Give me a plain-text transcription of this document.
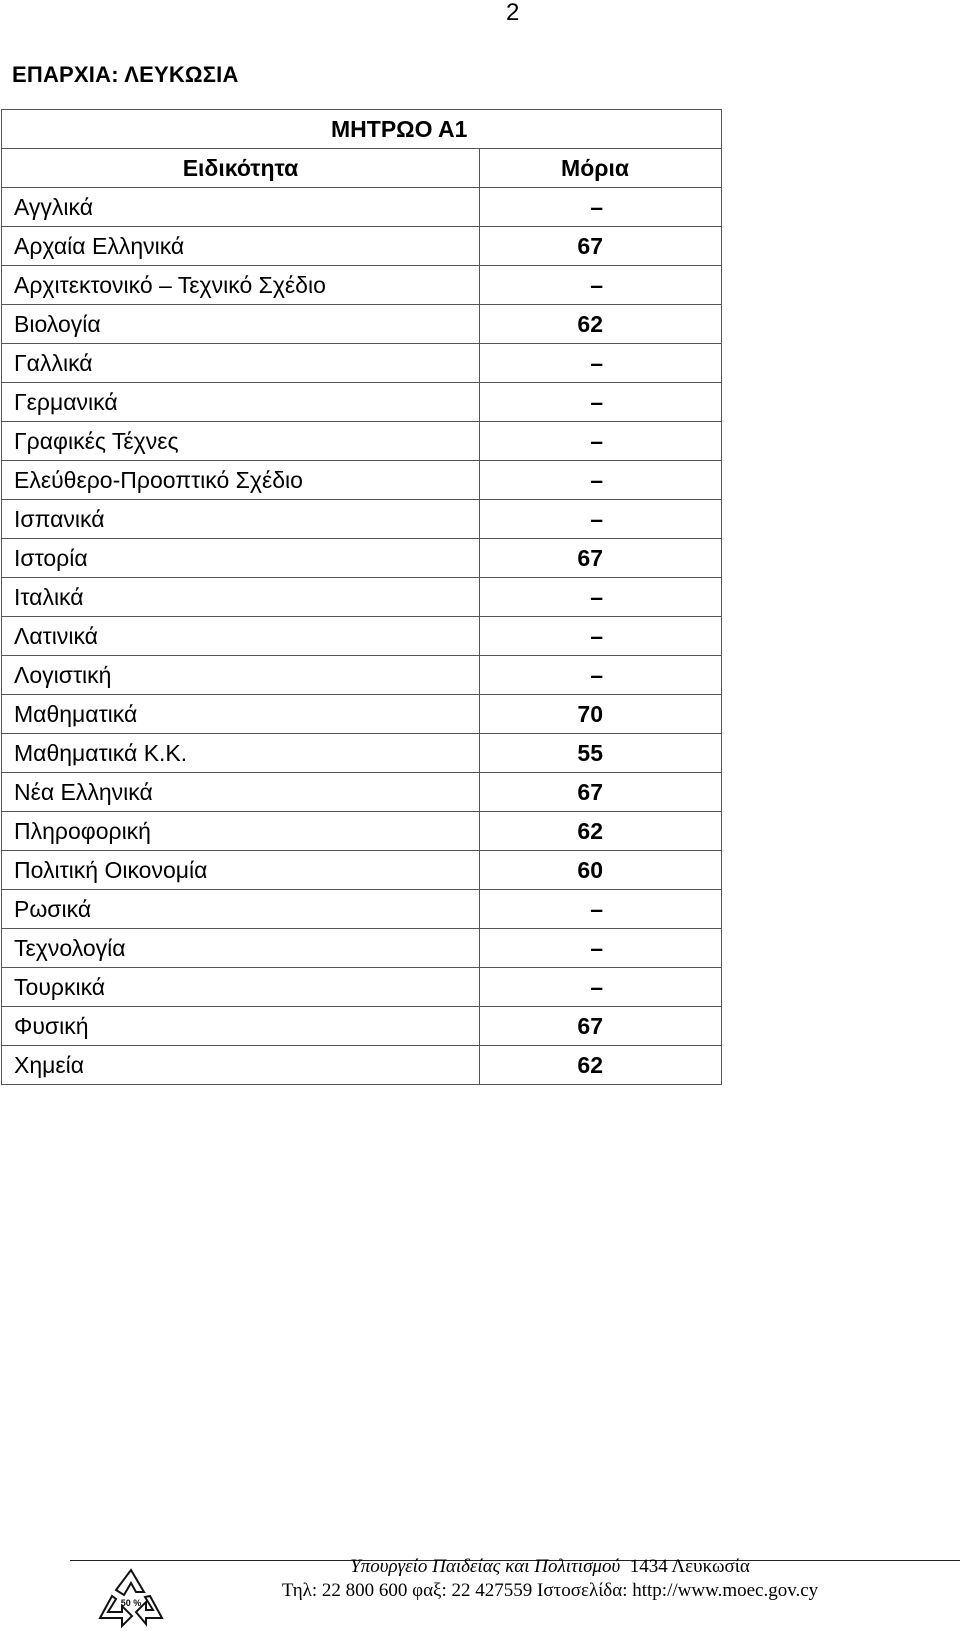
2
ΕΠΑΡΧΙΑ: ΛΕΥΚΩΣΙΑ
ΜΗΤΡΩΟ Α1	
Ειδικότητα	Μόρια
Αγγλικά	–
Αρχαία Ελληνικά	67
Αρχιτεκτονικό – Τεχνικό Σχέδιο	–
Βιολογία	62
Γαλλικά	–
Γερμανικά	–
Γραφικές Τέχνες	–
Ελεύθερο-Προοπτικό Σχέδιο	–
Ισπανικά	–
Ιστορία	67
Ιταλικά	–
Λατινικά	–
Λογιστική	–
Μαθηματικά	70
Μαθηματικά Κ.Κ.	55
Νέα Ελληνικά	67
Πληροφορική	62
Πολιτική Οικονομία	60
Ρωσικά	–
Τεχνολογία	–
Τουρκικά	–
Φυσική	67
Χημεία	62
50 %
Υπουργείο Παιδείας και Πολιτισμού 1434 Λευκωσία
Τηλ: 22 800 600 φαξ: 22 427559 Ιστοσελίδα: http://www.moec.gov.cy
